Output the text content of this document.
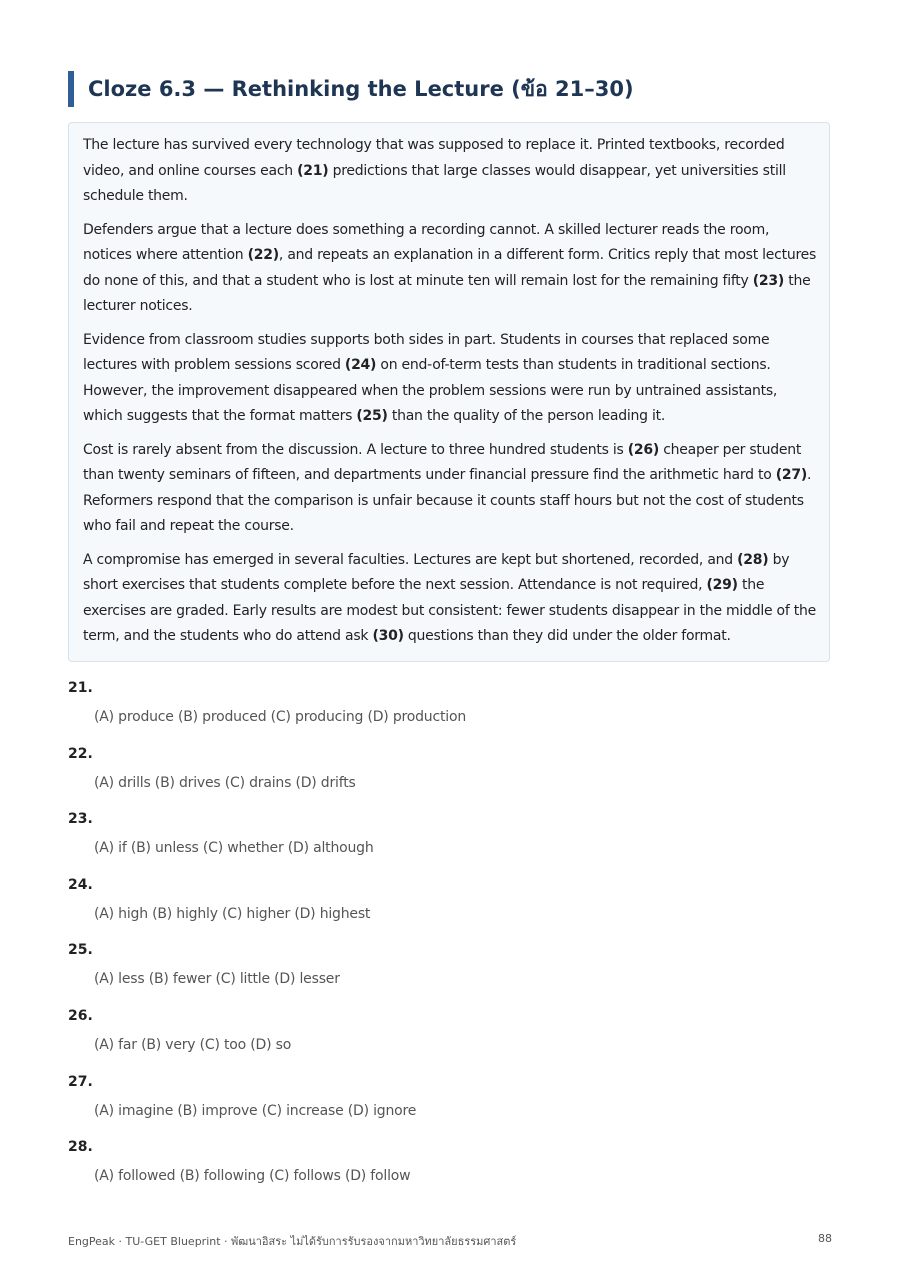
Cloze 6.3 — Rethinking the Lecture (ข้อ 21–30)

The lecture has survived every technology that was supposed to replace it. Printed textbooks, recorded video, and online courses each (21) predictions that large classes would disappear, yet universities still schedule them.

Defenders argue that a lecture does something a recording cannot. A skilled lecturer reads the room, notices where attention (22), and repeats an explanation in a different form. Critics reply that most lectures do none of this, and that a student who is lost at minute ten will remain lost for the remaining fifty (23) the lecturer notices.

Evidence from classroom studies supports both sides in part. Students in courses that replaced some lectures with problem sessions scored (24) on end-of-term tests than students in traditional sections. However, the improvement disappeared when the problem sessions were run by untrained assistants, which suggests that the format matters (25) than the quality of the person leading it.

Cost is rarely absent from the discussion. A lecture to three hundred students is (26) cheaper per student than twenty seminars of fifteen, and departments under financial pressure find the arithmetic hard to (27). Reformers respond that the comparison is unfair because it counts staff hours but not the cost of students who fail and repeat the course.

A compromise has emerged in several faculties. Lectures are kept but shortened, recorded, and (28) by short exercises that students complete before the next session. Attendance is not required, (29) the exercises are graded. Early results are modest but consistent: fewer students disappear in the middle of the term, and the students who do attend ask (30) questions than they did under the older format.

21.
(A) produce (B) produced (C) producing (D) production
22.
(A) drills (B) drives (C) drains (D) drifts
23.
(A) if (B) unless (C) whether (D) although
24.
(A) high (B) highly (C) higher (D) highest
25.
(A) less (B) fewer (C) little (D) lesser
26.
(A) far (B) very (C) too (D) so
27.
(A) imagine (B) improve (C) increase (D) ignore
28.
(A) followed (B) following (C) follows (D) follow
EngPeak · TU-GET Blueprint · พัฒนาอิสระ ไม่ได้รับการรับรองจากมหาวิทยาลัยธรรมศาสตร์	88
